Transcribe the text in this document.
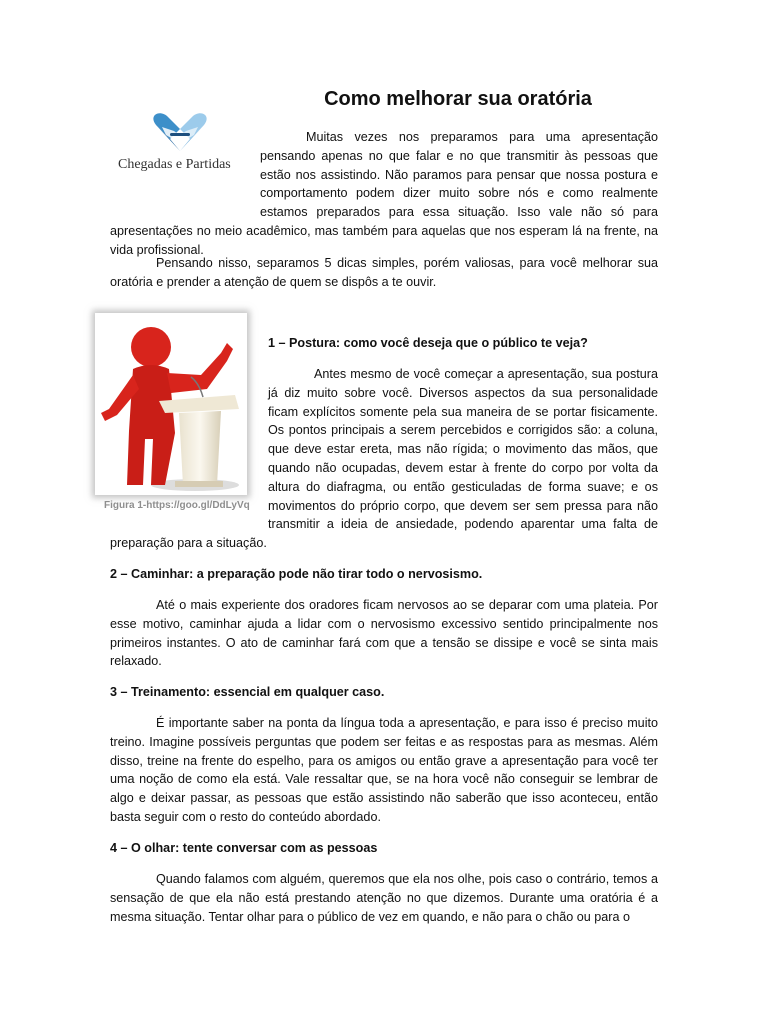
Chegadas e Partidas
Como melhorar sua oratória

Muitas vezes nos preparamos para uma apresentação pensando apenas no que falar e no que transmitir às pessoas que estão nos assistindo. Não paramos para pensar que nossa postura e comportamento podem dizer muito sobre nós e como realmente estamos preparados para essa situação. Isso vale não só para apresentações no meio acadêmico, mas também para aquelas que nos esperam lá na frente, na vida profissional.

Pensando nisso, separamos 5 dicas simples, porém valiosas, para você melhorar sua oratória e prender a atenção de quem se dispôs a te ouvir.

Figura 1-https://goo.gl/DdLyVq

1 – Postura: como você deseja que o público te veja?

Antes mesmo de você começar a apresentação, sua postura já diz muito sobre você. Diversos aspectos da sua personalidade ficam explícitos somente pela sua maneira de se portar fisicamente. Os pontos principais a serem percebidos e corrigidos são: a coluna, que deve estar ereta, mas não rígida; o movimento das mãos, que quando não ocupadas, devem estar à frente do corpo por volta da altura do diafragma, ou então gesticuladas de forma suave; e os movimentos do próprio corpo, que devem ser sem pressa para não transmitir a ideia de ansiedade, podendo aparentar uma falta de preparação para a situação.

2 – Caminhar: a preparação pode não tirar todo o nervosismo.

Até o mais experiente dos oradores ficam nervosos ao se deparar com uma plateia. Por esse motivo, caminhar ajuda a lidar com o nervosismo excessivo sentido principalmente nos primeiros instantes. O ato de caminhar fará com que a tensão se dissipe e você se sinta mais relaxado.

3 – Treinamento: essencial em qualquer caso.

É importante saber na ponta da língua toda a apresentação, e para isso é preciso muito treino. Imagine possíveis perguntas que podem ser feitas e as respostas para as mesmas. Além disso, treine na frente do espelho, para os amigos ou então grave a apresentação para você ter uma noção de como ela está. Vale ressaltar que, se na hora você não conseguir se lembrar de algo e deixar passar, as pessoas que estão assistindo não saberão que isso aconteceu, então basta seguir com o resto do conteúdo abordado.

4 – O olhar: tente conversar com as pessoas

Quando falamos com alguém, queremos que ela nos olhe, pois caso o contrário, temos a sensação de que ela não está prestando atenção no que dizemos. Durante uma oratória é a mesma situação. Tentar olhar para o público de vez em quando, e não para o chão ou para o
